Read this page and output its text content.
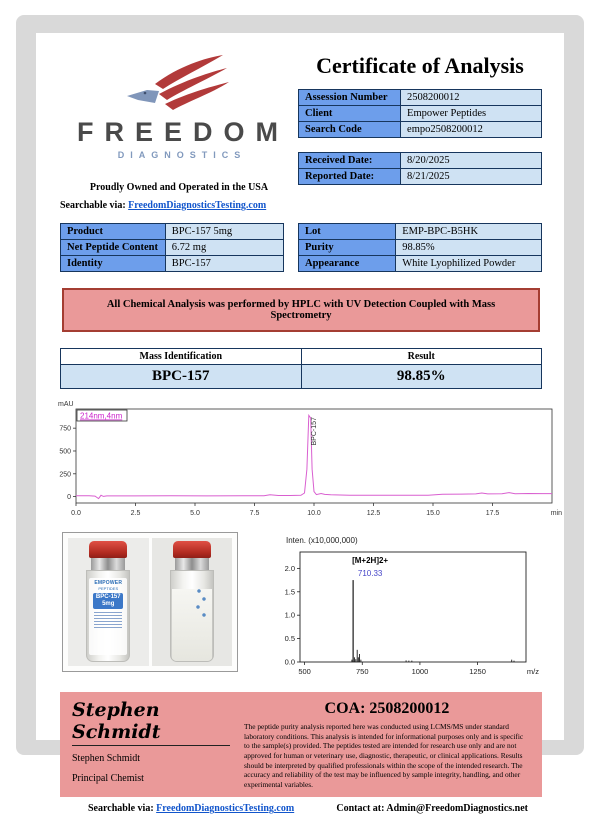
FREEDOM
DIAGNOSTICS
Proudly Owned and Operated in the USA
Searchable via: FreedomDiagnosticsTesting.com
Certificate of Analysis
Assession Number	2508200012
Client	Empower Peptides
Search Code	empo2508200012
Received Date:	8/20/2025
Reported Date:	8/21/2025
Product	BPC-157 5mg
Net Peptide Content	6.72 mg
Identity	BPC-157
Lot	EMP-BPC-B5HK
Purity	98.85%
Appearance	White Lyophilized Powder
All Chemical Analysis was performed by HPLC with UV Detection Coupled with Mass Spectrometry
Mass Identification	Result
BPC-157	98.85%
0
250
500
750
0.0	2.5	5.0	7.5	10.0	12.5	15.0	17.5	min
mAU
214nm,4nm
BPC-157
EMPOWER
PEPTIDES
BPC-157
5mg
Inten. (x10,000,000)
0.0
0.5
1.0
1.5
2.0
500	750	1000	1250	m/z
[M+2H]2+
710.33
Stephen Schmidt
Stephen Schmidt
Principal Chemist
COA: 2508200012
The peptide purity analysis reported here was conducted using LCMS/MS under standard laboratory conditions. This analysis is intended for informational purposes only and is specific to the sample(s) provided. The peptides tested are intended for research use only and are not approved for human or veterinary use, diagnostic, therapeutic, or clinical applications. Results should be interpreted by qualified professionals within the scope of the intended research. The accuracy and reliability of the test may be influenced by sample integrity, handling, and other experimental variables.
Searchable via: FreedomDiagnosticsTesting.com	Contact at: Admin@FreedomDiagnostics.net
